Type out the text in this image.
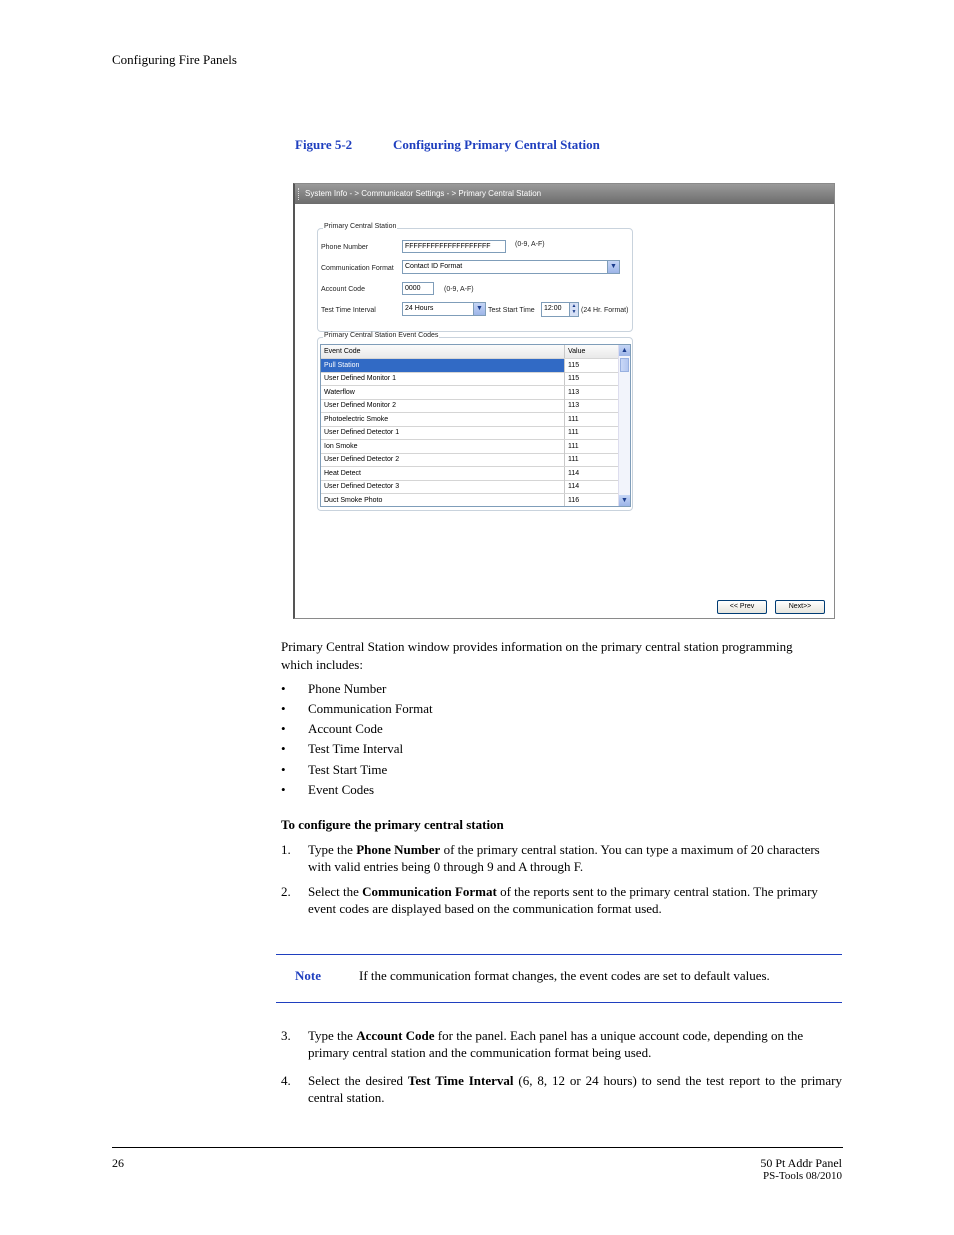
Configuring Fire Panels
Figure 5-2	Configuring Primary Central Station
System Info - > Communicator Settings - > Primary Central Station
Primary Central Station
Phone Number	FFFFFFFFFFFFFFFFFFFF	(0-9, A-F)
Communication Format	Contact ID Format	▼
Account Code	0000	(0-9, A-F)
Test Time Interval	24 Hours	▼ Test Start Time	12:00	▲
▼ (24 Hr. Format)
Primary Central Station Event Codes
Event Code	Value
Pull Station	115
User Defined Monitor 1	115
Waterflow	113
User Defined Monitor 2	113
Photoelectric Smoke	111
User Defined Detector 1	111
Ion Smoke	111
User Defined Detector 2	111
Heat Detect	114
User Defined Detector 3	114
Duct Smoke Photo	116
▲
▼
<< Prev	Next>>
Primary Central Station window provides information on the primary central station programming
which includes:
• Phone Number
• Communication Format
• Account Code
• Test Time Interval
• Test Start Time
• Event Codes
To configure the primary central station
1. Type the Phone Number of the primary central station. You can type a maximum of 20 characters with valid entries being 0 through 9 and A through F.
2. Select the Communication Format of the reports sent to the primary central station. The primary event codes are displayed based on the communication format used.
Note	If the communication format changes, the event codes are set to default values.
3. Type the Account Code for the panel. Each panel has a unique account code, depending on the primary central station and the communication format being used.
4. Select the desired Test Time Interval (6, 8, 12 or 24 hours) to send the test report to the primary central station.
26	50 Pt Addr Panel
PS-Tools 08/2010
